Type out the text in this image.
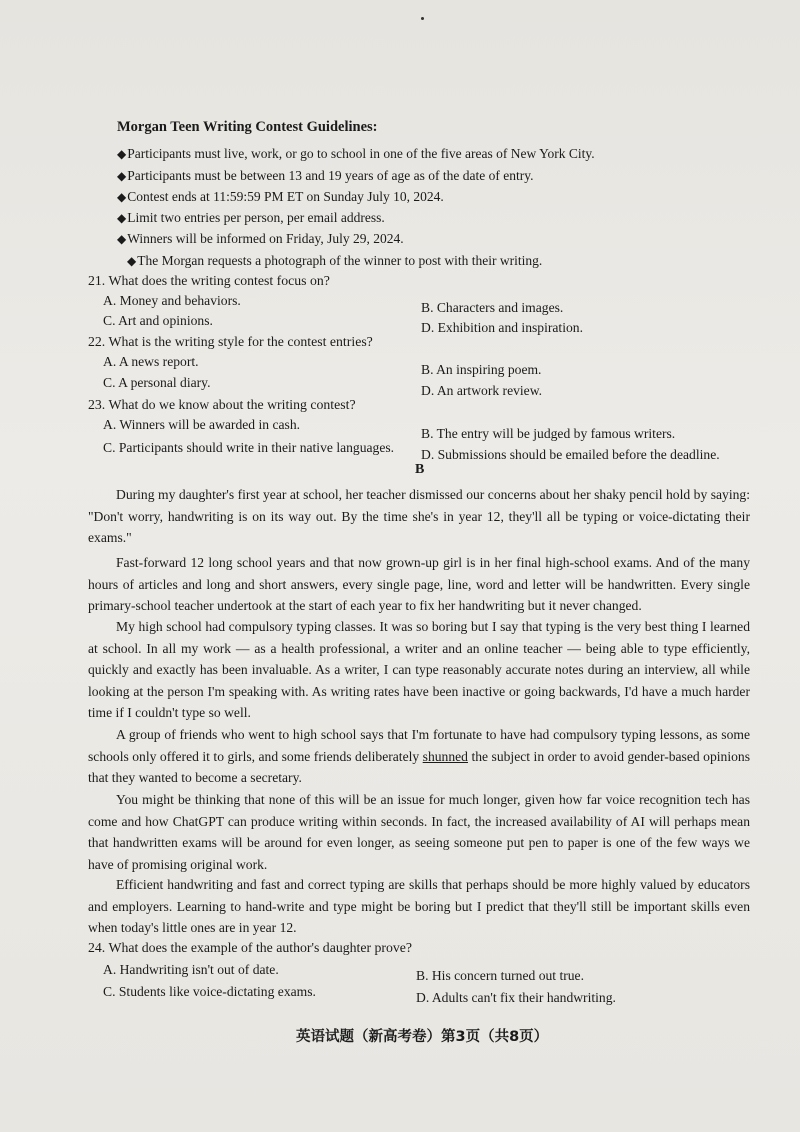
Morgan Teen Writing Contest Guidelines:
◆Participants must live, work, or go to school in one of the five areas of New York City.
◆Participants must be between 13 and 19 years of age as of the date of entry.
◆Contest ends at 11:59:59 PM ET on Sunday July 10, 2024.
◆Limit two entries per person, per email address.
◆Winners will be informed on Friday, July 29, 2024.
◆The Morgan requests a photograph of the winner to post with their writing.
21. What does the writing contest focus on?
A. Money and behaviors.	B. Characters and images.
C. Art and opinions.	D. Exhibition and inspiration.
22. What is the writing style for the contest entries?
A. A news report.
B. An inspiring poem.
C. A personal diary.
D. An artwork review.
23. What do we know about the writing contest?
A. Winners will be awarded in cash.
B. The entry will be judged by famous writers.
C. Participants should write in their native languages. D. Submissions should be emailed before the deadline.
B

During my daughter's first year at school, her teacher dismissed our concerns about her shaky pencil hold by saying: "Don't worry, handwriting is on its way out. By the time she's in year 12, they'll all be typing or voice-dictating their exams."

Fast-forward 12 long school years and that now grown-up girl is in her final high-school exams. And of the many hours of articles and long and short answers, every single page, line, word and letter will be handwritten. Every single primary-school teacher undertook at the start of each year to fix her handwriting but it never changed.

My high school had compulsory typing classes. It was so boring but I say that typing is the very best thing I learned at school. In all my work — as a health professional, a writer and an online teacher — being able to type efficiently, quickly and exactly has been invaluable. As a writer, I can type reasonably accurate notes during an interview, all while looking at the person I'm speaking with. As writing rates have been inactive or going backwards, I'd have a much harder time if I couldn't type so well.

A group of friends who went to high school says that I'm fortunate to have had compulsory typing lessons, as some schools only offered it to girls, and some friends deliberately shunned the subject in order to avoid gender-based opinions that they wanted to become a secretary.

You might be thinking that none of this will be an issue for much longer, given how far voice recognition tech has come and how ChatGPT can produce writing within seconds. In fact, the increased availability of AI will perhaps mean that handwritten exams will be around for even longer, as seeing someone put pen to paper is one of the few ways we have of promising original work.

Efficient handwriting and fast and correct typing are skills that perhaps should be more highly valued by educators and employers. Learning to hand-write and type might be boring but I predict that they'll still be important skills even when today's little ones are in year 12.

24. What does the example of the author's daughter prove?
A. Handwriting isn't out of date.	B. His concern turned out true.
C. Students like voice-dictating exams.	D. Adults can't fix their handwriting.
英语试题（新高考卷）第3页（共8页）
